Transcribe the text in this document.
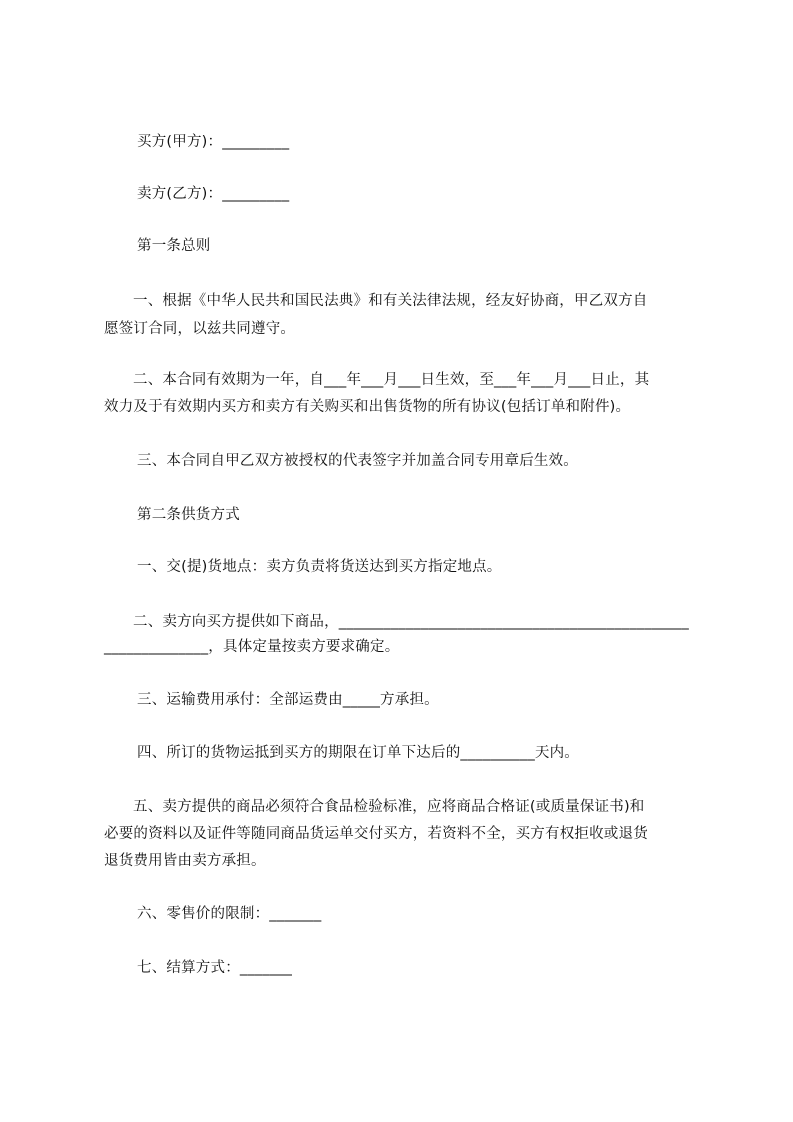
买方(甲方)：_________
卖方(乙方)：_________
第一条总则
一、根据《中华人民共和国民法典》和有关法律法规，经友好协商，甲乙双方自
愿签订合同，以兹共同遵守。
二、本合同有效期为一年，自___年___月___日生效，至___年___月___日止，其
效力及于有效期内买方和卖方有关购买和出售货物的所有协议(包括订单和附件)。
三、本合同自甲乙双方被授权的代表签字并加盖合同专用章后生效。
第二条供货方式
一、交(提)货地点：卖方负责将货送达到买方指定地点。
二、卖方向买方提供如下商品，_______________________________________________
______________，具体定量按卖方要求确定。
三、运输费用承付：全部运费由_____方承担。
四、所订的货物运抵到买方的期限在订单下达后的__________天内。
五、卖方提供的商品必须符合食品检验标准，应将商品合格证(或质量保证书)和
必要的资料以及证件等随同商品货运单交付买方，若资料不全，买方有权拒收或退货
退货费用皆由卖方承担。
六、零售价的限制：_______
七、结算方式：_______
